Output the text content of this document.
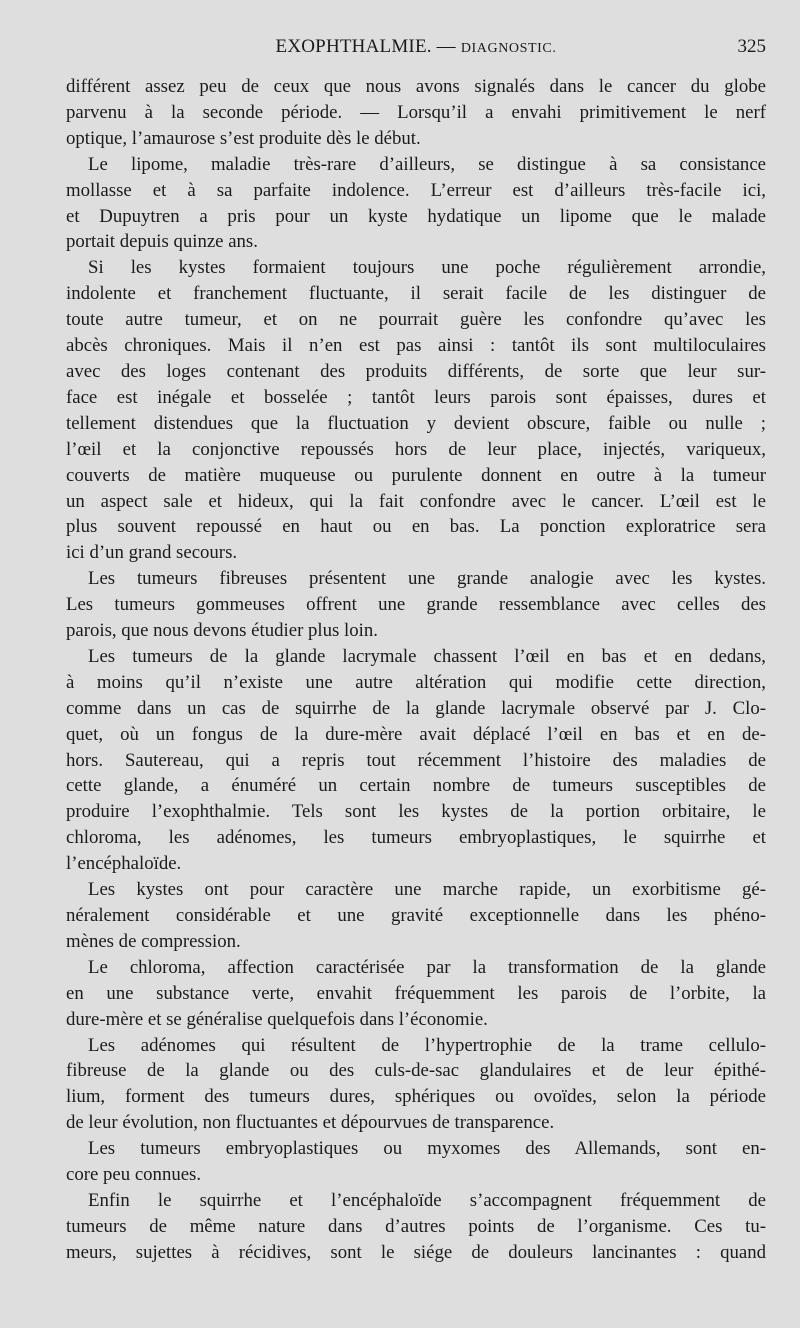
EXOPHTHALMIE. — DIAGNOSTIC.	325
différent assez peu de ceux que nous avons signalés dans le cancer du globe
parvenu à la seconde période. — Lorsqu’il a envahi primitivement le nerf
optique, l’amaurose s’est produite dès le début.
Le lipome, maladie très-rare d’ailleurs, se distingue à sa consistance
mollasse et à sa parfaite indolence. L’erreur est d’ailleurs très-facile ici,
et Dupuytren a pris pour un kyste hydatique un lipome que le malade
portait depuis quinze ans.
Si les kystes formaient toujours une poche régulièrement arrondie,
indolente et franchement fluctuante, il serait facile de les distinguer de
toute autre tumeur, et on ne pourrait guère les confondre qu’avec les
abcès chroniques. Mais il n’en est pas ainsi : tantôt ils sont multiloculaires
avec des loges contenant des produits différents, de sorte que leur sur-
face est inégale et bosselée ; tantôt leurs parois sont épaisses, dures et
tellement distendues que la fluctuation y devient obscure, faible ou nulle ;
l’œil et la conjonctive repoussés hors de leur place, injectés, variqueux,
couverts de matière muqueuse ou purulente donnent en outre à la tumeur
un aspect sale et hideux, qui la fait confondre avec le cancer. L’œil est le
plus souvent repoussé en haut ou en bas. La ponction exploratrice sera
ici d’un grand secours.
Les tumeurs fibreuses présentent une grande analogie avec les kystes.
Les tumeurs gommeuses offrent une grande ressemblance avec celles des
parois, que nous devons étudier plus loin.
Les tumeurs de la glande lacrymale chassent l’œil en bas et en dedans,
à moins qu’il n’existe une autre altération qui modifie cette direction,
comme dans un cas de squirrhe de la glande lacrymale observé par J. Clo-
quet, où un fongus de la dure-mère avait déplacé l’œil en bas et en de-
hors. Sautereau, qui a repris tout récemment l’histoire des maladies de
cette glande, a énuméré un certain nombre de tumeurs susceptibles de
produire l’exophthalmie. Tels sont les kystes de la portion orbitaire, le
chloroma, les adénomes, les tumeurs embryoplastiques, le squirrhe et
l’encéphaloïde.
Les kystes ont pour caractère une marche rapide, un exorbitisme gé-
néralement considérable et une gravité exceptionnelle dans les phéno-
mènes de compression.
Le chloroma, affection caractérisée par la transformation de la glande
en une substance verte, envahit fréquemment les parois de l’orbite, la
dure-mère et se généralise quelquefois dans l’économie.
Les adénomes qui résultent de l’hypertrophie de la trame cellulo-
fibreuse de la glande ou des culs-de-sac glandulaires et de leur épithé-
lium, forment des tumeurs dures, sphériques ou ovoïdes, selon la période
de leur évolution, non fluctuantes et dépourvues de transparence.
Les tumeurs embryoplastiques ou myxomes des Allemands, sont en-
core peu connues.
Enfin le squirrhe et l’encéphaloïde s’accompagnent fréquemment de
tumeurs de même nature dans d’autres points de l’organisme. Ces tu-
meurs, sujettes à récidives, sont le siége de douleurs lancinantes : quand
